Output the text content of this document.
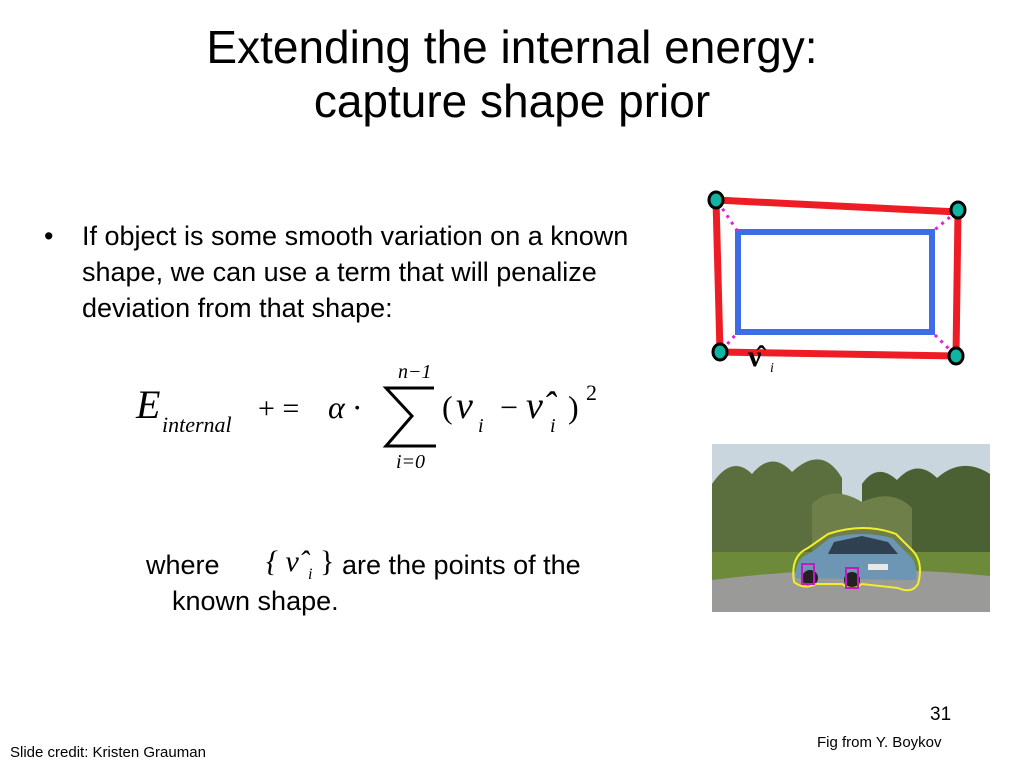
Extending the internal energy:
capture shape prior
• If object is some smooth variation on a known shape, we can use a term that will penalize deviation from that shape:
E internal + = α ·
n−1
i=0
( ν i
− ν̂ i
) 2
where { ν̂ i } are the points of the
known shape.
ν̂ i
31
Fig from Y. Boykov
Slide credit: Kristen Grauman
